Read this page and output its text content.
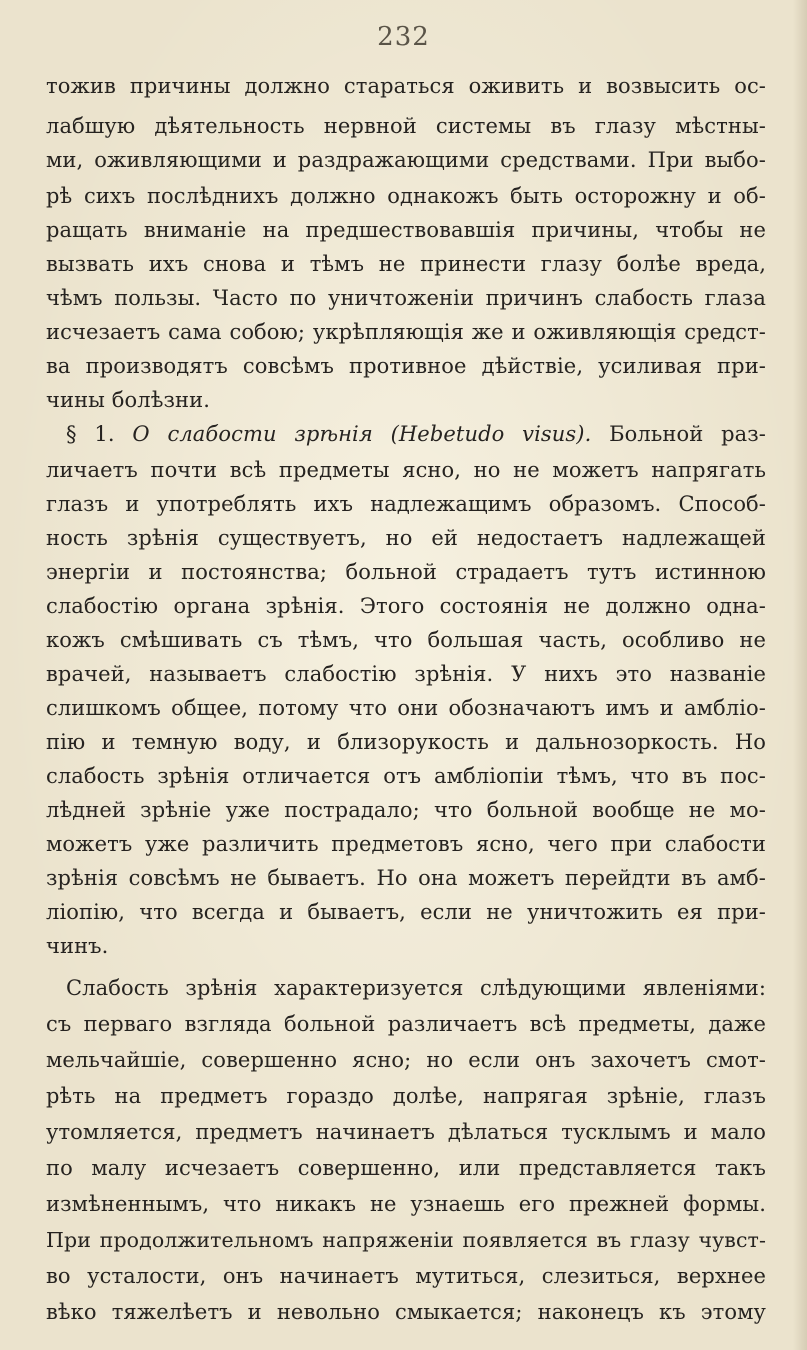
232
тожив причины должно стараться оживить и возвысить ос-
лабшую дѣятельность нервной системы въ глазу мѣстны-
ми, оживляющими и раздражающими средствами. При выбо-
рѣ сихъ послѣднихъ должно однакожъ быть осторожну и об-
ращать вниманіе на предшествовавшія причины, чтобы не
вызвать ихъ снова и тѣмъ не принести глазу болѣе вреда,
чѣмъ пользы. Часто по уничтоженіи причинъ слабость глаза
исчезаетъ сама собою; укрѣпляющія же и оживляющія средст-
ва производятъ совсѣмъ противное дѣйствіе, усиливая при-
чины болѣзни.
§ 1. О слабости зрѣнія (Hebetudo visus). Больной раз-
личаетъ почти всѣ предметы ясно, но не можетъ напрягать
глазъ и употреблять ихъ надлежащимъ образомъ. Способ-
ность зрѣнія существуетъ, но ей недостаетъ надлежащей
энергіи и постоянства; больной страдаетъ тутъ истинною
слабостію органа зрѣнія. Этого состоянія не должно одна-
кожъ смѣшивать съ тѣмъ, что большая часть, особливо не
врачей, называетъ слабостію зрѣнія. У нихъ это названіе
слишкомъ общее, потому что они обозначаютъ имъ и амбліо-
пію и темную воду, и близорукость и дальнозоркость. Но
слабость зрѣнія отличается отъ амбліопіи тѣмъ, что въ пос-
лѣдней зрѣніе уже пострадало; что больной вообще не мо-
можетъ уже различить предметовъ ясно, чего при слабости
зрѣнія совсѣмъ не бываетъ. Но она можетъ перейдти въ амб-
ліопію, что всегда и бываетъ, если не уничтожить ея при-
чинъ.
Слабость зрѣнія характеризуется слѣдующими явленіями:
съ перваго взгляда больной различаетъ всѣ предметы, даже
мельчайшіе, совершенно ясно; но если онъ захочетъ смот-
рѣть на предметъ гораздо долѣе, напрягая зрѣніе, глазъ
утомляется, предметъ начинаетъ дѣлаться тусклымъ и мало
по малу исчезаетъ совершенно, или представляется такъ
измѣненнымъ, что никакъ не узнаешь его прежней формы.
При продолжительномъ напряженіи появляется въ глазу чувст-
во усталости, онъ начинаетъ мутиться, слезиться, верхнее
вѣко тяжелѣетъ и невольно смыкается; наконецъ къ этому
